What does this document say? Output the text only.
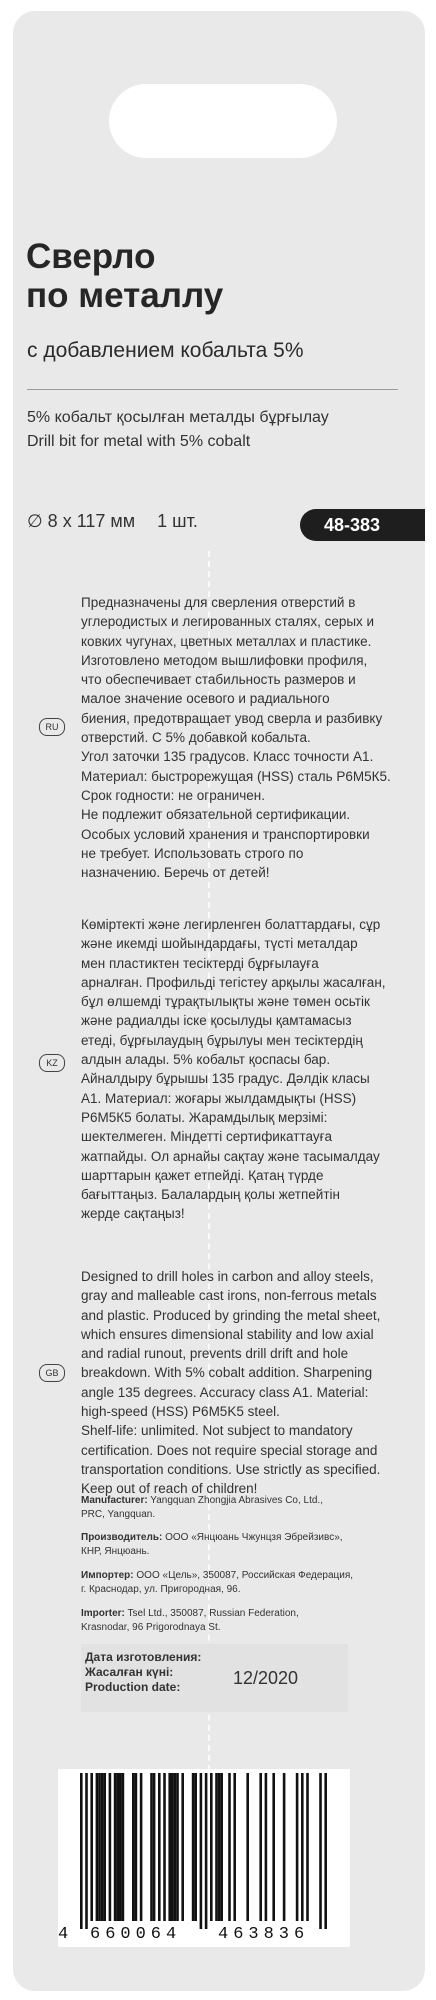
Сверло
по металлу
с добавлением кобальта 5%
5% кобальт қосылған металды бұрғылау
Drill bit for metal with 5% cobalt
∅ 8 x 117 мм 1 шт.	48-383
RU
Предназначены для сверления отверстий в
углеродистых и легированных сталях, серых и
ковких чугунах, цветных металлах и пластике.
Изготовлено методом вышлифовки профиля,
что обеспечивает стабильность размеров и
малое значение осевого и радиального
биения, предотвращает увод сверла и разбивку
отверстий. С 5% добавкой кобальта.
Угол заточки 135 градусов. Класс точности А1.
Материал: быстрорежущая (HSS) сталь Р6М5К5.
Срок годности: не ограничен.
Не подлежит обязательной сертификации.
Особых условий хранения и транспортировки
не требует. Использовать строго по
назначению. Беречь от детей!
KZ
Көміртекті және легирленген болаттардағы, сұр
және икемді шойындардағы, түсті металдар
мен пластиктен тесіктерді бұрғылауға
арналған. Профильді тегістеу арқылы жасалған,
бұл өлшемді тұрақтылықты және төмен осьтік
және радиалды іске қосылуды қамтамасыз
етеді, бұрғылаудың бұрылуы мен тесіктердің
алдын алады. 5% кобальт қоспасы бар.
Айналдыру бұрышы 135 градус. Дәлдік класы
А1. Материал: жоғары жылдамдықты (HSS)
Р6М5К5 болаты. Жарамдылық мерзімі:
шектелмеген. Міндетті сертификаттауға
жатпайды. Ол арнайы сақтау және тасымалдау
шарттарын қажет етпейді. Қатаң түрде
бағыттаңыз. Балалардың қолы жетпейтін
жерде сақтаңыз!
GB
Designed to drill holes in carbon and alloy steels,
gray and malleable cast irons, non-ferrous metals
and plastic. Produced by grinding the metal sheet,
which ensures dimensional stability and low axial
and radial runout, prevents drill drift and hole
breakdown. With 5% cobalt addition. Sharpening
angle 135 degrees. Accuracy class A1. Material:
high-speed (HSS) P6M5K5 steel.
Shelf-life: unlimited. Not subject to mandatory
certification. Does not require special storage and
transportation conditions. Use strictly as specified.
Keep out of reach of children!
Manufacturer: Yangquan Zhongjia Abrasives Co, Ltd.,
PRC, Yangquan.
Производитель: ООО «Янцюань Чжунцзя Эбрейзивс»,
КНР, Янцюань.
Импортер: ООО «Цель», 350087, Российская Федерация,
г. Краснодар, ул. Пригородная, 96.
Importer: Tsel Ltd., 350087, Russian Federation,
Krasnodar, 96 Prigorodnaya St.
Дата изготовления:
Жасалған күні:
Production date:	12/2020
4 660064 463836
